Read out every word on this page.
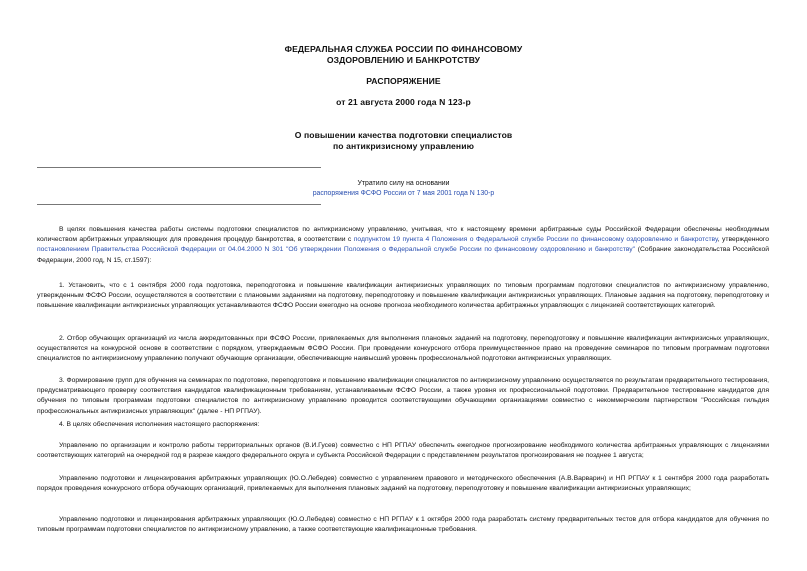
ФЕДЕРАЛЬНАЯ СЛУЖБА РОССИИ ПО ФИНАНСОВОМУ
ОЗДОРОВЛЕНИЮ И БАНКРОТСТВУ
РАСПОРЯЖЕНИЕ
от 21 августа 2000 года N 123-р
О повышении качества подготовки специалистов
по антикризисному управлению
Утратило силу на основании
распоряжения ФСФО России от 7 мая 2001 года N 130-р

В целях повышения качества работы системы подготовки специалистов по антикризисному управлению, учитывая, что к настоящему времени арбитражные суды Российской Федерации обеспечены необходимым количеством арбитражных управляющих для проведения процедур банкротства, в соответствии с подпунктом 19 пункта 4 Положения о Федеральной службе России по финансовому оздоровлению и банкротству, утвержденного постановлением Правительства Российской Федерации от 04.04.2000 N 301 "Об утверждении Положения о Федеральной службе России по финансовому оздоровлению и банкротству" (Собрание законодательства Российской Федерации, 2000 год, N 15, ст.1597):

1. Установить, что с 1 сентября 2000 года подготовка, переподготовка и повышение квалификации антикризисных управляющих по типовым программам подготовки специалистов по антикризисному управлению, утвержденным ФСФО России, осуществляются в соответствии с плановыми заданиями на подготовку, переподготовку и повышение квалификации антикризисных управляющих. Плановые задания на подготовку, переподготовку и повышение квалификации антикризисных управляющих устанавливаются ФСФО России ежегодно на основе прогноза необходимого количества арбитражных управляющих с лицензией соответствующих категорий.

2. Отбор обучающих организаций из числа аккредитованных при ФСФО России, привлекаемых для выполнения плановых заданий на подготовку, переподготовку и повышение квалификации антикризисных управляющих, осуществляется на конкурсной основе в соответствии с порядком, утверждаемым ФСФО России. При проведении конкурсного отбора преимущественное право на проведение семинаров по типовым программам подготовки специалистов по антикризисному управлению получают обучающие организации, обеспечивающие наивысший уровень профессиональной подготовки антикризисных управляющих.

3. Формирование групп для обучения на семинарах по подготовке, переподготовке и повышению квалификации специалистов по антикризисному управлению осуществляется по результатам предварительного тестирования, предусматривающего проверку соответствия кандидатов квалификационным требованиям, устанавливаемым ФСФО России, а также уровня их профессиональной подготовки. Предварительное тестирование кандидатов для обучения по типовым программам подготовки специалистов по антикризисному управлению проводится соответствующими обучающими организациями совместно с некоммерческим партнерством "Российская гильдия профессиональных антикризисных управляющих" (далее - НП РГПАУ).

4. В целях обеспечения исполнения настоящего распоряжения:

Управлению по организации и контролю работы территориальных органов (В.И.Гусев) совместно с НП РГПАУ обеспечить ежегодное прогнозирование необходимого количества арбитражных управляющих с лицензиями соответствующих категорий на очередной год в разрезе каждого федерального округа и субъекта Российской Федерации с представлением результатов прогнозирования не позднее 1 августа;

Управлению подготовки и лицензирования арбитражных управляющих (Ю.О.Лебедев) совместно с управлением правового и методического обеспечения (А.В.Варварин) и НП РГПАУ к 1 сентября 2000 года разработать порядок проведения конкурсного отбора обучающих организаций, привлекаемых для выполнения плановых заданий на подготовку, переподготовку и повышение квалификации антикризисных управляющих;

Управлению подготовки и лицензирования арбитражных управляющих (Ю.О.Лебедев) совместно с НП РГПАУ к 1 октября 2000 года разработать систему предварительных тестов для отбора кандидатов для обучения по типовым программам подготовки специалистов по антикризисному управлению, а также соответствующие квалификационные требования.
